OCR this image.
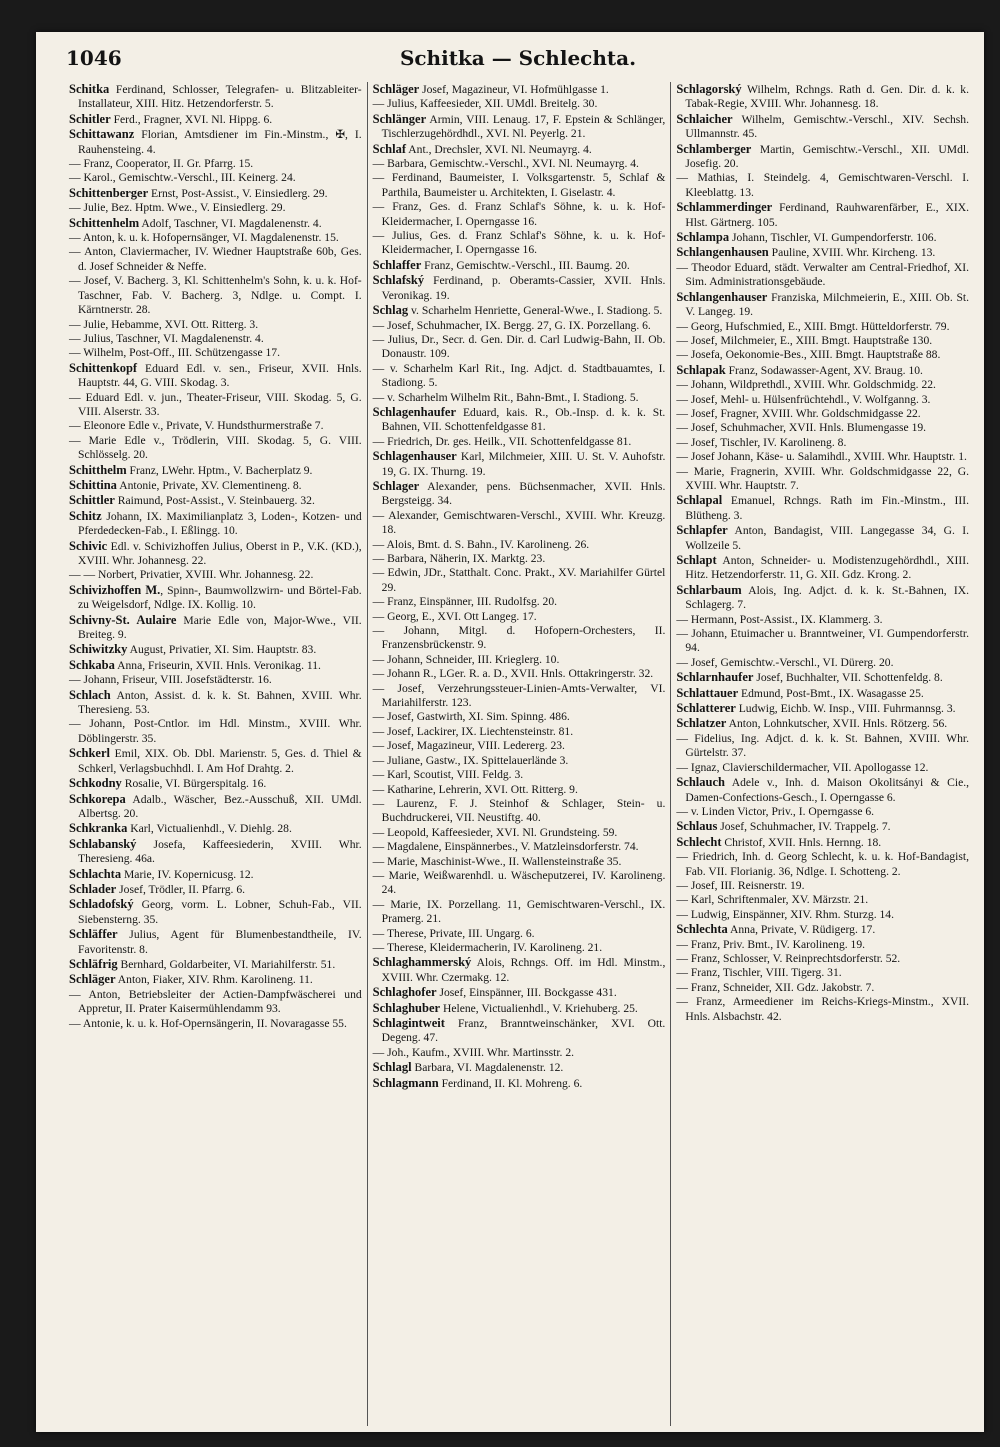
1046	Schitka — Schlechta.

Schitka Ferdinand, Schlosser, Telegrafen- u. Blitzableiter-Installateur, XIII. Hitz. Hetzendorferstr. 5.

Schitler Ferd., Fragner, XVI. Nl. Hippg. 6.

Schittawanz Florian, Amtsdiener im Fin.-Minstm., ✠, I. Rauhensteing. 4.

— Franz, Cooperator, II. Gr. Pfarrg. 15.

— Karol., Gemischtw.-Verschl., III. Keinerg. 24.

Schittenberger Ernst, Post-Assist., V. Einsiedlerg. 29.

— Julie, Bez. Hptm. Wwe., V. Einsiedlerg. 29.

Schittenhelm Adolf, Taschner, VI. Magdalenenstr. 4.

— Anton, k. u. k. Hofopernsänger, VI. Magdalenenstr. 15.

— Anton, Claviermacher, IV. Wiedner Hauptstraße 60b, Ges. d. Josef Schneider & Neffe.

— Josef, V. Bacherg. 3, Kl. Schittenhelm's Sohn, k. u. k. Hof-Taschner, Fab. V. Bacherg. 3, Ndlge. u. Compt. I. Kärntnerstr. 28.

— Julie, Hebamme, XVI. Ott. Ritterg. 3.

— Julius, Taschner, VI. Magdalenenstr. 4.

— Wilhelm, Post-Off., III. Schützengasse 17.

Schittenkopf Eduard Edl. v. sen., Friseur, XVII. Hnls. Hauptstr. 44, G. VIII. Skodag. 3.

— Eduard Edl. v. jun., Theater-Friseur, VIII. Skodag. 5, G. VIII. Alserstr. 33.

— Eleonore Edle v., Private, V. Hundsthurmerstraße 7.

— Marie Edle v., Trödlerin, VIII. Skodag. 5, G. VIII. Schlösselg. 20.

Schitthelm Franz, LWehr. Hptm., V. Bacherplatz 9.

Schittina Antonie, Private, XV. Clementineng. 8.

Schittler Raimund, Post-Assist., V. Steinbauerg. 32.

Schitz Johann, IX. Maximilianplatz 3, Loden-, Kotzen- und Pferdedecken-Fab., I. Eßlingg. 10.

Schivic Edl. v. Schivizhoffen Julius, Oberst in P., V.K. (KD.), XVIII. Whr. Johannesg. 22.

— — Norbert, Privatier, XVIII. Whr. Johannesg. 22.

Schivizhoffen M., Spinn-, Baumwollzwirn- und Börtel-Fab. zu Weigelsdorf, Ndlge. IX. Kollig. 10.

Schivny-St. Aulaire Marie Edle von, Major-Wwe., VII. Breiteg. 9.

Schiwitzky August, Privatier, XI. Sim. Hauptstr. 83.

Schkaba Anna, Friseurin, XVII. Hnls. Veronikag. 11.

— Johann, Friseur, VIII. Josefstädterstr. 16.

Schlach Anton, Assist. d. k. k. St. Bahnen, XVIII. Whr. Theresieng. 53.

— Johann, Post-Cntlor. im Hdl. Minstm., XVIII. Whr. Döblingerstr. 35.

Schkerl Emil, XIX. Ob. Dbl. Marienstr. 5, Ges. d. Thiel & Schkerl, Verlagsbuchhdl. I. Am Hof Drahtg. 2.

Schkodny Rosalie, VI. Bürgerspitalg. 16.

Schkorepa Adalb., Wäscher, Bez.-Ausschuß, XII. UMdl. Albertsg. 20.

Schkranka Karl, Victualienhdl., V. Diehlg. 28.

Schlabanský Josefa, Kaffeesiederin, XVIII. Whr. Theresieng. 46a.

Schlachta Marie, IV. Kopernicusg. 12.

Schlader Josef, Trödler, II. Pfarrg. 6.

Schladofský Georg, vorm. L. Lobner, Schuh-Fab., VII. Siebensterng. 35.

Schläffer Julius, Agent für Blumenbestandtheile, IV. Favoritenstr. 8.

Schläfrig Bernhard, Goldarbeiter, VI. Mariahilferstr. 51.

Schläger Anton, Fiaker, XIV. Rhm. Karolineng. 11.

— Anton, Betriebsleiter der Actien-Dampfwäscherei und Appretur, II. Prater Kaisermühlendamm 93.

— Antonie, k. u. k. Hof-Opernsängerin, II. Novaragasse 55.

Schläger Josef, Magazineur, VI. Hofmühlgasse 1.

— Julius, Kaffeesieder, XII. UMdl. Breitelg. 30.

Schlänger Armin, VIII. Lenaug. 17, F. Epstein & Schlänger, Tischlerzugehördhdl., XVI. Nl. Peyerlg. 21.

Schlaf Ant., Drechsler, XVI. Nl. Neumayrg. 4.

— Barbara, Gemischtw.-Verschl., XVI. Nl. Neumayrg. 4.

— Ferdinand, Baumeister, I. Volksgartenstr. 5, Schlaf & Parthila, Baumeister u. Architekten, I. Giselastr. 4.

— Franz, Ges. d. Franz Schlaf's Söhne, k. u. k. Hof-Kleidermacher, I. Operngasse 16.

— Julius, Ges. d. Franz Schlaf's Söhne, k. u. k. Hof-Kleidermacher, I. Operngasse 16.

Schlaffer Franz, Gemischtw.-Verschl., III. Baumg. 20.

Schlafský Ferdinand, p. Oberamts-Cassier, XVII. Hnls. Veronikag. 19.

Schlag v. Scharhelm Henriette, General-Wwe., I. Stadiong. 5.

— Josef, Schuhmacher, IX. Bergg. 27, G. IX. Porzellang. 6.

— Julius, Dr., Secr. d. Gen. Dir. d. Carl Ludwig-Bahn, II. Ob. Donaustr. 109.

— v. Scharhelm Karl Rit., Ing. Adjct. d. Stadtbauamtes, I. Stadiong. 5.

— v. Scharhelm Wilhelm Rit., Bahn-Bmt., I. Stadiong. 5.

Schlagenhaufer Eduard, kais. R., Ob.-Insp. d. k. k. St. Bahnen, VII. Schottenfeldgasse 81.

— Friedrich, Dr. ges. Heilk., VII. Schottenfeldgasse 81.

Schlagenhauser Karl, Milchmeier, XIII. U. St. V. Auhofstr. 19, G. IX. Thurng. 19.

Schlager Alexander, pens. Büchsenmacher, XVII. Hnls. Bergsteigg. 34.

— Alexander, Gemischtwaren-Verschl., XVIII. Whr. Kreuzg. 18.

— Alois, Bmt. d. S. Bahn., IV. Karolineng. 26.

— Barbara, Näherin, IX. Marktg. 23.

— Edwin, JDr., Statthalt. Conc. Prakt., XV. Mariahilfer Gürtel 29.

— Franz, Einspänner, III. Rudolfsg. 20.

— Georg, E., XVI. Ott Langeg. 17.

— Johann, Mitgl. d. Hofopern-Orchesters, II. Franzensbrückenstr. 9.

— Johann, Schneider, III. Krieglerg. 10.

— Johann R., LGer. R. a. D., XVII. Hnls. Ottakringerstr. 32.

— Josef, Verzehrungssteuer-Linien-Amts-Verwalter, VI. Mariahilferstr. 123.

— Josef, Gastwirth, XI. Sim. Spinng. 486.

— Josef, Lackirer, IX. Liechtensteinstr. 81.

— Josef, Magazineur, VIII. Ledererg. 23.

— Juliane, Gastw., IX. Spittelauerlände 3.

— Karl, Scoutist, VIII. Feldg. 3.

— Katharine, Lehrerin, XVI. Ott. Ritterg. 9.

— Laurenz, F. J. Steinhof & Schlager, Stein- u. Buchdruckerei, VII. Neustiftg. 40.

— Leopold, Kaffeesieder, XVI. Nl. Grundsteing. 59.

— Magdalene, Einspännerbes., V. Matzleinsdorferstr. 74.

— Marie, Maschinist-Wwe., II. Wallensteinstraße 35.

— Marie, Weißwarenhdl. u. Wäscheputzerei, IV. Karolineng. 24.

— Marie, IX. Porzellang. 11, Gemischtwaren-Verschl., IX. Pramerg. 21.

— Therese, Private, III. Ungarg. 6.

— Therese, Kleidermacherin, IV. Karolineng. 21.

Schlaghammerský Alois, Rchngs. Off. im Hdl. Minstm., XVIII. Whr. Czermakg. 12.

Schlaghofer Josef, Einspänner, III. Bockgasse 431.

Schlaghuber Helene, Victualienhdl., V. Kriehuberg. 25.

Schlagintweit Franz, Branntweinschänker, XVI. Ott. Degeng. 47.

— Joh., Kaufm., XVIII. Whr. Martinsstr. 2.

Schlagl Barbara, VI. Magdalenenstr. 12.

Schlagmann Ferdinand, II. Kl. Mohreng. 6.

Schlagorský Wilhelm, Rchngs. Rath d. Gen. Dir. d. k. k. Tabak-Regie, XVIII. Whr. Johannesg. 18.

Schlaicher Wilhelm, Gemischtw.-Verschl., XIV. Sechsh. Ullmannstr. 45.

Schlamberger Martin, Gemischtw.-Verschl., XII. UMdl. Josefig. 20.

— Mathias, I. Steindelg. 4, Gemischtwaren-Verschl. I. Kleeblattg. 13.

Schlammerdinger Ferdinand, Rauhwarenfärber, E., XIX. Hlst. Gärtnerg. 105.

Schlampa Johann, Tischler, VI. Gumpendorferstr. 106.

Schlangenhausen Pauline, XVIII. Whr. Kircheng. 13.

— Theodor Eduard, städt. Verwalter am Central-Friedhof, XI. Sim. Administrationsgebäude.

Schlangenhauser Franziska, Milchmeierin, E., XIII. Ob. St. V. Langeg. 19.

— Georg, Hufschmied, E., XIII. Bmgt. Hütteldorferstr. 79.

— Josef, Milchmeier, E., XIII. Bmgt. Hauptstraße 130.

— Josefa, Oekonomie-Bes., XIII. Bmgt. Hauptstraße 88.

Schlapak Franz, Sodawasser-Agent, XV. Braug. 10.

— Johann, Wildprethdl., XVIII. Whr. Goldschmidg. 22.

— Josef, Mehl- u. Hülsenfrüchtehdl., V. Wolfganng. 3.

— Josef, Fragner, XVIII. Whr. Goldschmidgasse 22.

— Josef, Schuhmacher, XVII. Hnls. Blumengasse 19.

— Josef, Tischler, IV. Karolineng. 8.

— Josef Johann, Käse- u. Salamihdl., XVIII. Whr. Hauptstr. 1.

— Marie, Fragnerin, XVIII. Whr. Goldschmidgasse 22, G. XVIII. Whr. Hauptstr. 7.

Schlapal Emanuel, Rchngs. Rath im Fin.-Minstm., III. Blütheng. 3.

Schlapfer Anton, Bandagist, VIII. Langegasse 34, G. I. Wollzeile 5.

Schlapt Anton, Schneider- u. Modistenzugehördhdl., XIII. Hitz. Hetzendorferstr. 11, G. XII. Gdz. Krong. 2.

Schlarbaum Alois, Ing. Adjct. d. k. k. St.-Bahnen, IX. Schlagerg. 7.

— Hermann, Post-Assist., IX. Klammerg. 3.

— Johann, Etuimacher u. Branntweiner, VI. Gumpendorferstr. 94.

— Josef, Gemischtw.-Verschl., VI. Dürerg. 20.

Schlarnhaufer Josef, Buchhalter, VII. Schottenfeldg. 8.

Schlattauer Edmund, Post-Bmt., IX. Wasagasse 25.

Schlatterer Ludwig, Eichb. W. Insp., VIII. Fuhrmannsg. 3.

Schlatzer Anton, Lohnkutscher, XVII. Hnls. Rötzerg. 56.

— Fidelius, Ing. Adjct. d. k. k. St. Bahnen, XVIII. Whr. Gürtelstr. 37.

— Ignaz, Clavierschildermacher, VII. Apollogasse 12.

Schlauch Adele v., Inh. d. Maison Okolitsányi & Cie., Damen-Confections-Gesch., I. Operngasse 6.

— v. Linden Victor, Priv., I. Operngasse 6.

Schlaus Josef, Schuhmacher, IV. Trappelg. 7.

Schlecht Christof, XVII. Hnls. Hernng. 18.

— Friedrich, Inh. d. Georg Schlecht, k. u. k. Hof-Bandagist, Fab. VII. Florianig. 36, Ndlge. I. Schotteng. 2.

— Josef, III. Reisnerstr. 19.

— Karl, Schriftenmaler, XV. Märzstr. 21.

— Ludwig, Einspänner, XIV. Rhm. Sturzg. 14.

Schlechta Anna, Private, V. Rüdigerg. 17.

— Franz, Priv. Bmt., IV. Karolineng. 19.

— Franz, Schlosser, V. Reinprechtsdorferstr. 52.

— Franz, Tischler, VIII. Tigerg. 31.

— Franz, Schneider, XII. Gdz. Jakobstr. 7.

— Franz, Armeediener im Reichs-Kriegs-Minstm., XVII. Hnls. Alsbachstr. 42.
